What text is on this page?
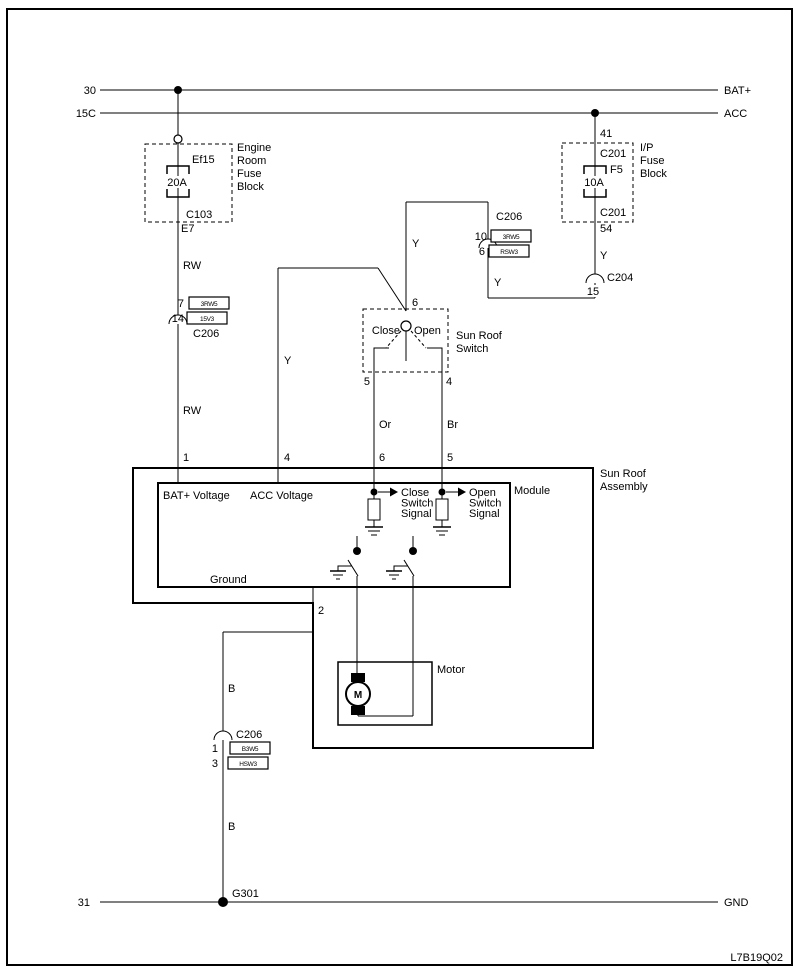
30	BAT+
15C	ACC
RW
RW
1
Ef15
20A
Engine
Room
Fuse
Block
C103
E7
7
14
3RW5
15V3
C206
Y
6
Y
4
Y
41
C201
F5
10A
I/P
Fuse
Block
C201
54
Y
C204
15
C206
10
6
3RW5
RSW3
Close Open Sun Roof
Switch
5	4
Or	Br
6	5
Sun Roof
Assembly
Module
BAT+ Voltage ACC Voltage
Ground
Close
Switch
Signal
Open
Switch
Signal
Motor
M
2
B
B
C206
1
3
B3W5
HSW3
31	GND
G301
L7B19Q02
